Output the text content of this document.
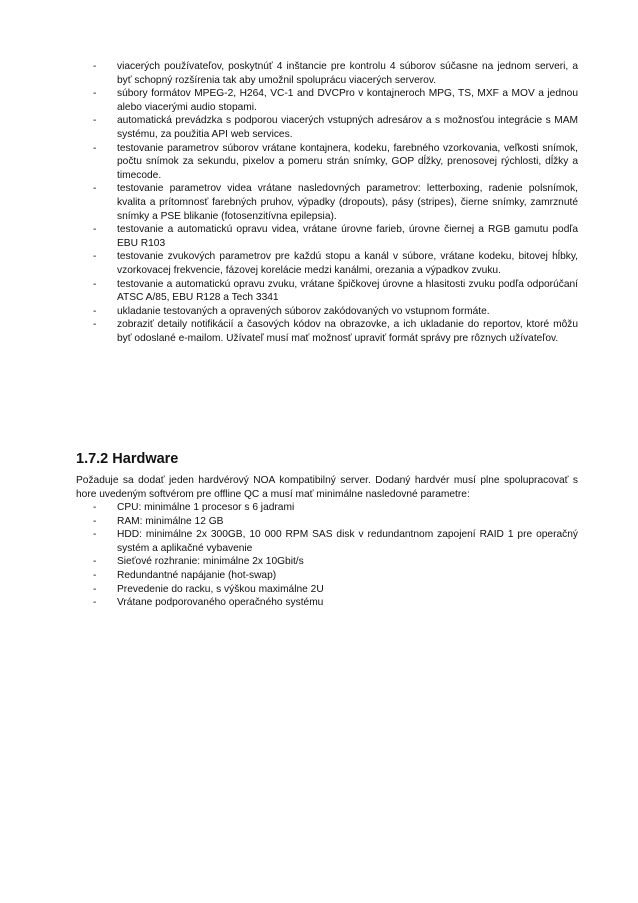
- viacerých používateľov, poskytnúť 4 inštancie pre kontrolu 4 súborov súčasne na jednom serveri, a byť schopný rozšírenia tak aby umožnil spoluprácu viacerých serverov.
- súbory formátov MPEG-2, H264, VC-1 and DVCPro v kontajneroch MPG, TS, MXF a MOV a jednou alebo viacerými audio stopami.
- automatická prevádzka s podporou viacerých vstupných adresárov a s možnosťou integrácie s MAM systému, za použitia API web services.
- testovanie parametrov súborov vrátane kontajnera, kodeku, farebného vzorkovania, veľkosti snímok, počtu snímok za sekundu, pixelov a pomeru strán snímky, GOP dĺžky, prenosovej rýchlosti, dĺžky a timecode.
- testovanie parametrov videa vrátane nasledovných parametrov: letterboxing, radenie polsnímok, kvalita a prítomnosť farebných pruhov, výpadky (dropouts), pásy (stripes), čierne snímky, zamrznuté snímky a PSE blikanie (fotosenzitívna epilepsia).
- testovanie a automatickú opravu videa, vrátane úrovne farieb, úrovne čiernej a RGB gamutu podľa EBU R103
- testovanie zvukových parametrov pre každú stopu a kanál v súbore, vrátane kodeku, bitovej hĺbky, vzorkovacej frekvencie, fázovej korelácie medzi kanálmi, orezania a výpadkov zvuku.
- testovanie a automatickú opravu zvuku, vrátane špičkovej úrovne a hlasitosti zvuku podľa odporúčaní ATSC A/85, EBU R128 a Tech 3341
- ukladanie testovaných a opravených súborov zakódovaných vo vstupnom formáte.
- zobraziť detaily notifikácií a časových kódov na obrazovke, a ich ukladanie do reportov, ktoré môžu byť odoslané e-mailom. Užívateľ musí mať možnosť upraviť formát správy pre rôznych užívateľov.
1.7.2 Hardware

Požaduje sa dodať jeden hardvérový NOA kompatibilný server. Dodaný hardvér musí plne spolupracovať s hore uvedeným softvérom pre offline QC a musí mať minimálne nasledovné parametre:

- CPU: minimálne 1 procesor s 6 jadrami
- RAM: minimálne 12 GB
- HDD: minimálne 2x 300GB, 10 000 RPM SAS disk v redundantnom zapojení RAID 1 pre operačný systém a aplikačné vybavenie
- Sieťové rozhranie: minimálne 2x 10Gbit/s
- Redundantné napájanie (hot-swap)
- Prevedenie do racku, s výškou maximálne 2U
- Vrátane podporovaného operačného systému
